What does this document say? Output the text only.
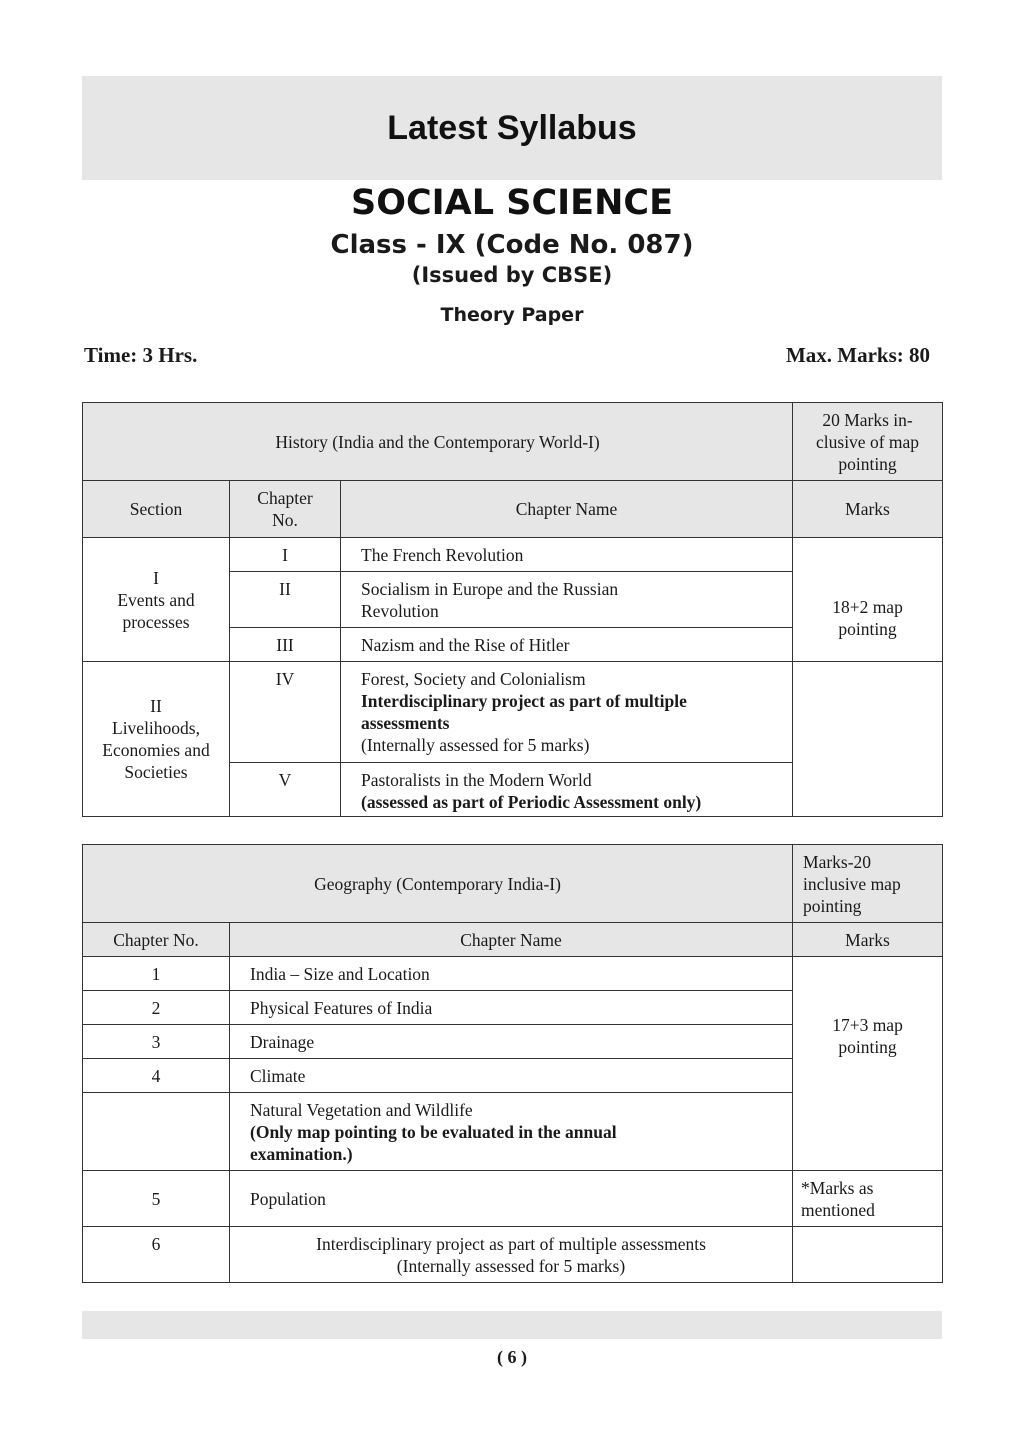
Latest Syllabus
SOCIAL SCIENCE
Class - IX (Code No. 087)
(Issued by CBSE)
Theory Paper
Time: 3 Hrs.	Max. Marks: 80
History (India and the Contemporary World-I)			20 Marks in-clusive of map pointing
Section	Chapter No.	Chapter Name	Marks

I
Events and processes	I	The French Revolution	18+2 map pointing
	II	Socialism in Europe and the Russian Revolution	
	III	Nazism and the Rise of Hitler	

II
Livelihoods, Economies and Societies	IV	Forest, Society and Colonialism
Interdisciplinary project as part of multiple assessments
(Internally assessed for 5 marks)	

	V	Pastoralists in the Modern World
(assessed as part of Periodic Assessment only)	
Geography (Contemporary India-I)		Marks-20 inclusive map pointing
Chapter No.	Chapter Name	Marks
1	India – Size and Location	17+3 map pointing
2	Physical Features of India	
3	Drainage	
4	Climate	

	Natural Vegetation and Wildlife
(Only map pointing to be evaluated in the annual examination.)	

5	Population	*Marks as mentioned
6	Interdisciplinary project as part of multiple assessments
(Internally assessed for 5 marks)	

( 6 )
